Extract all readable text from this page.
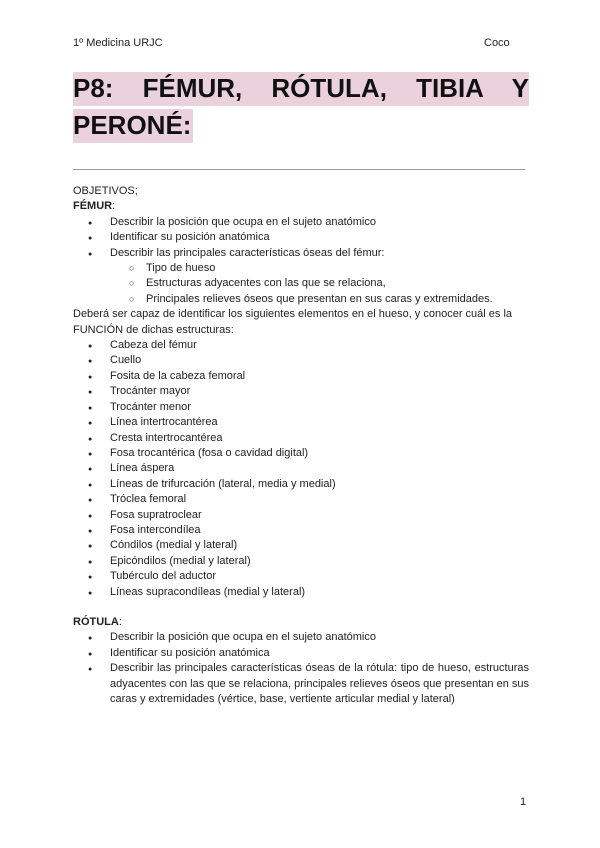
1º Medicina URJC	Coco
P8: FÉMUR, RÓTULA, TIBIA Y PERONÉ:

OBJETIVOS;

FÉMUR:

● Describir la posición que ocupa en el sujeto anatómico
● Identificar su posición anatómica
● Describir las principales características óseas del fémur:
○ Tipo de hueso
○ Estructuras adyacentes con las que se relaciona,
○ Principales relieves óseos que presentan en sus caras y extremidades.

Deberá ser capaz de identificar los siguientes elementos en el hueso, y conocer cuál es la FUNCIÓN de dichas estructuras:

● Cabeza del fémur
● Cuello
● Fosita de la cabeza femoral
● Trocánter mayor
● Trocánter menor
● Línea intertrocantérea
● Cresta intertrocantérea
● Fosa trocantérica (fosa o cavidad digital)
● Línea áspera
● Líneas de trifurcación (lateral, media y medial)
● Tróclea femoral
● Fosa supratroclear
● Fosa intercondílea
● Cóndilos (medial y lateral)
● Epicóndilos (medial y lateral)
● Tubérculo del aductor
● Líneas supracondíleas (medial y lateral)

RÓTULA:

● Describir la posición que ocupa en el sujeto anatómico
● Identificar su posición anatómica
● Describir las principales características óseas de la rótula: tipo de hueso, estructuras adyacentes con las que se relaciona, principales relieves óseos que presentan en sus caras y extremidades (vértice, base, vertiente articular medial y lateral)
1
